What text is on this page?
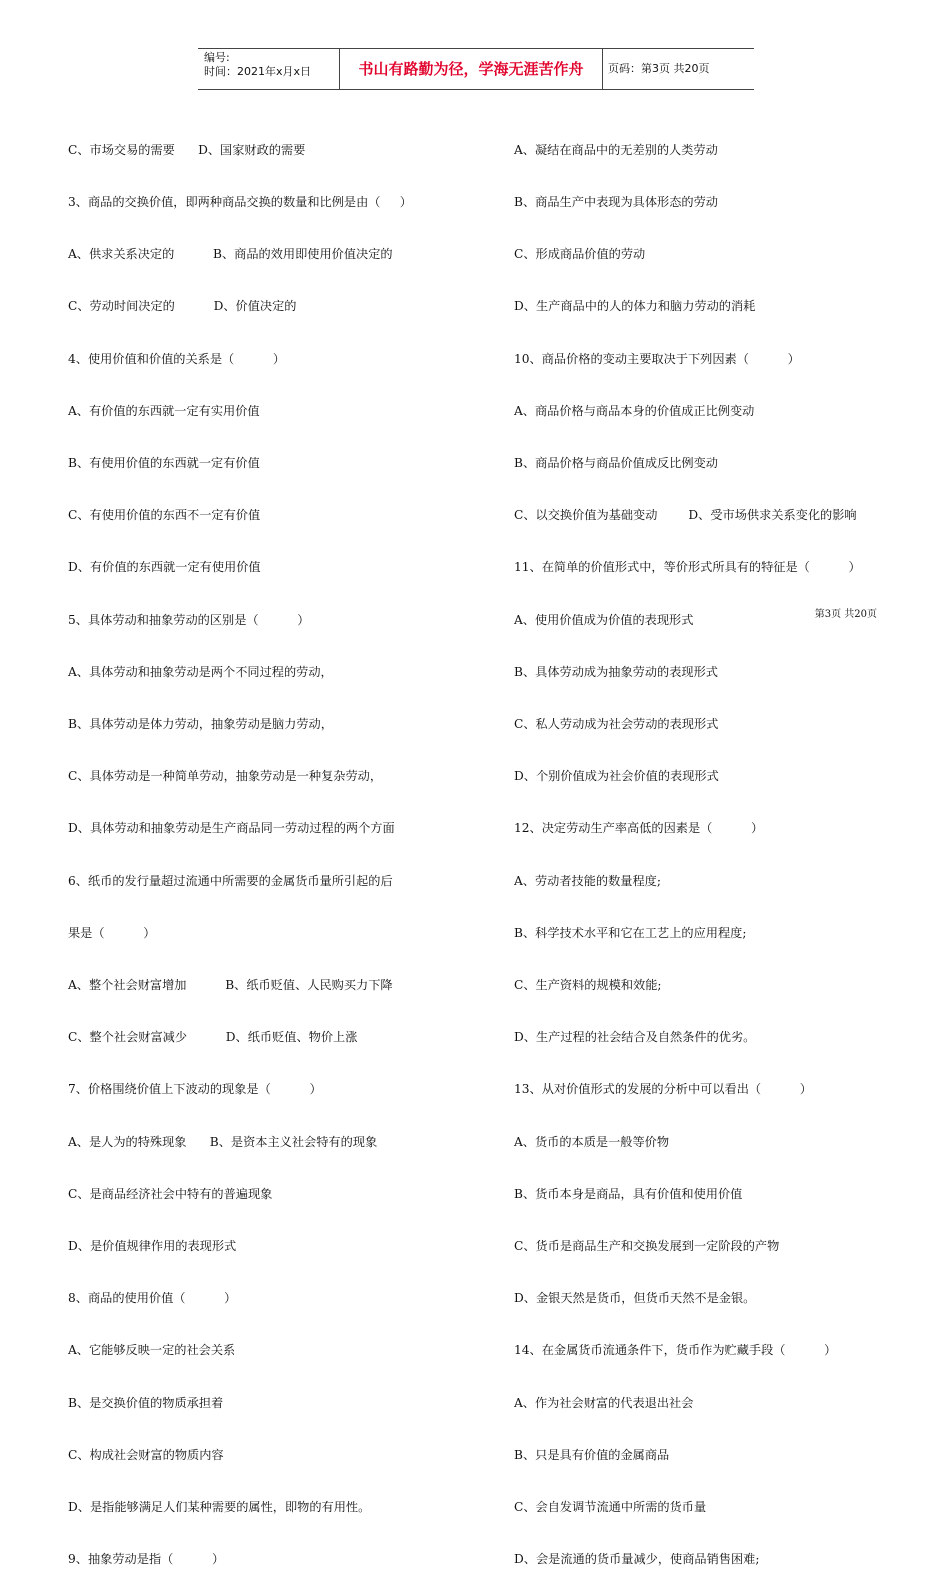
编号:
时间：2021年x月x日	书山有路勤为径，学海无涯苦作舟	页码：第3页 共20页

C、市场交易的需要      D、国家财政的需要

3、商品的交换价值，即两种商品交换的数量和比例是由（     ）

A、供求关系决定的          B、商品的效用即使用价值决定的

C、劳动时间决定的          D、价值决定的

4、使用价值和价值的关系是（          ）

A、有价值的东西就一定有实用价值

B、有使用价值的东西就一定有价值

C、有使用价值的东西不一定有价值

D、有价值的东西就一定有使用价值

5、具体劳动和抽象劳动的区别是（          ）

A、具体劳动和抽象劳动是两个不同过程的劳动，

B、具体劳动是体力劳动，抽象劳动是脑力劳动，

C、具体劳动是一种简单劳动，抽象劳动是一种复杂劳动，

D、具体劳动和抽象劳动是生产商品同一劳动过程的两个方面

6、纸币的发行量超过流通中所需要的金属货币量所引起的后

果是（          ）

A、整个社会财富增加          B、纸币贬值、人民购买力下降

C、整个社会财富减少          D、纸币贬值、物价上涨

7、价格围绕价值上下波动的现象是（          ）

A、是人为的特殊现象      B、是资本主义社会特有的现象

C、是商品经济社会中特有的普遍现象

D、是价值规律作用的表现形式

8、商品的使用价值（          ）

A、它能够反映一定的社会关系

B、是交换价值的物质承担着

C、构成社会财富的物质内容

D、是指能够满足人们某种需要的属性，即物的有用性。

9、抽象劳动是指（          ）

A、凝结在商品中的无差别的人类劳动

B、商品生产中表现为具体形态的劳动

C、形成商品价值的劳动

D、生产商品中的人的体力和脑力劳动的消耗

10、商品价格的变动主要取决于下列因素（          ）

A、商品价格与商品本身的价值成正比例变动

B、商品价格与商品价值成反比例变动

C、以交换价值为基础变动        D、受市场供求关系变化的影响

11、在简单的价值形式中，等价形式所具有的特征是（          ）

A、使用价值成为价值的表现形式

B、具体劳动成为抽象劳动的表现形式

C、私人劳动成为社会劳动的表现形式

D、个别价值成为社会价值的表现形式

12、决定劳动生产率高低的因素是（          ）

A、劳动者技能的数量程度;

B、科学技术水平和它在工艺上的应用程度;

C、生产资料的规模和效能;

D、生产过程的社会结合及自然条件的优劣。

13、从对价值形式的发展的分析中可以看出（          ）

A、货币的本质是一般等价物

B、货币本身是商品，具有价值和使用价值

C、货币是商品生产和交换发展到一定阶段的产物

D、金银天然是货币，但货币天然不是金银。

14、在金属货币流通条件下，货币作为贮藏手段（          ）

A、作为社会财富的代表退出社会

B、只是具有价值的金属商品

C、会自发调节流通中所需的货币量

D、会是流通的货币量减少，使商品销售困难;

第3页 共20页
